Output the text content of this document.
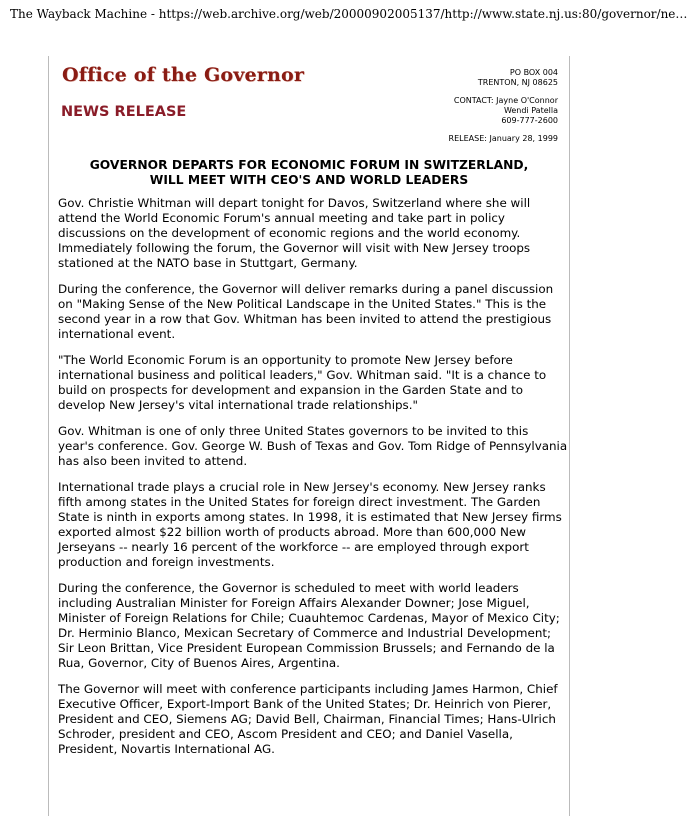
The Wayback Machine - https://web.archive.org/web/20000902005137/http://www.state.nj.us:80/governor/ne…
Office of the Governor
NEWS RELEASE
PO BOX 004
TRENTON, NJ 08625
CONTACT: Jayne O'Connor
Wendi Patella
609-777-2600
RELEASE: January 28, 1999
GOVERNOR DEPARTS FOR ECONOMIC FORUM IN SWITZERLAND,
WILL MEET WITH CEO'S AND WORLD LEADERS

Gov. Christie Whitman will depart tonight for Davos, Switzerland where she will attend the World Economic Forum's annual meeting and take part in policy discussions on the development of economic regions and the world economy. Immediately following the forum, the Governor will visit with New Jersey troops stationed at the NATO base in Stuttgart, Germany.

During the conference, the Governor will deliver remarks during a panel discussion on "Making Sense of the New Political Landscape in the United States." This is the second year in a row that Gov. Whitman has been invited to attend the prestigious international event.

"The World Economic Forum is an opportunity to promote New Jersey before international business and political leaders," Gov. Whitman said. "It is a chance to build on prospects for development and expansion in the Garden State and to develop New Jersey's vital international trade relationships."

Gov. Whitman is one of only three United States governors to be invited to this year's conference. Gov. George W. Bush of Texas and Gov. Tom Ridge of Pennsylvania has also been invited to attend.

International trade plays a crucial role in New Jersey's economy. New Jersey ranks fifth among states in the United States for foreign direct investment. The Garden State is ninth in exports among states. In 1998, it is estimated that New Jersey firms exported almost $22 billion worth of products abroad. More than 600,000 New Jerseyans -- nearly 16 percent of the workforce -- are employed through export production and foreign investments.

During the conference, the Governor is scheduled to meet with world leaders including Australian Minister for Foreign Affairs Alexander Downer; Jose Miguel, Minister of Foreign Relations for Chile; Cuauhtemoc Cardenas, Mayor of Mexico City; Dr. Herminio Blanco, Mexican Secretary of Commerce and Industrial Development; Sir Leon Brittan, Vice President European Commission Brussels; and Fernando de la Rua, Governor, City of Buenos Aires, Argentina.

The Governor will meet with conference participants including James Harmon, Chief Executive Officer, Export-Import Bank of the United States; Dr. Heinrich von Pierer, President and CEO, Siemens AG; David Bell, Chairman, Financial Times; Hans-Ulrich Schroder, president and CEO, Ascom President and CEO; and Daniel Vasella, President, Novartis International AG.
